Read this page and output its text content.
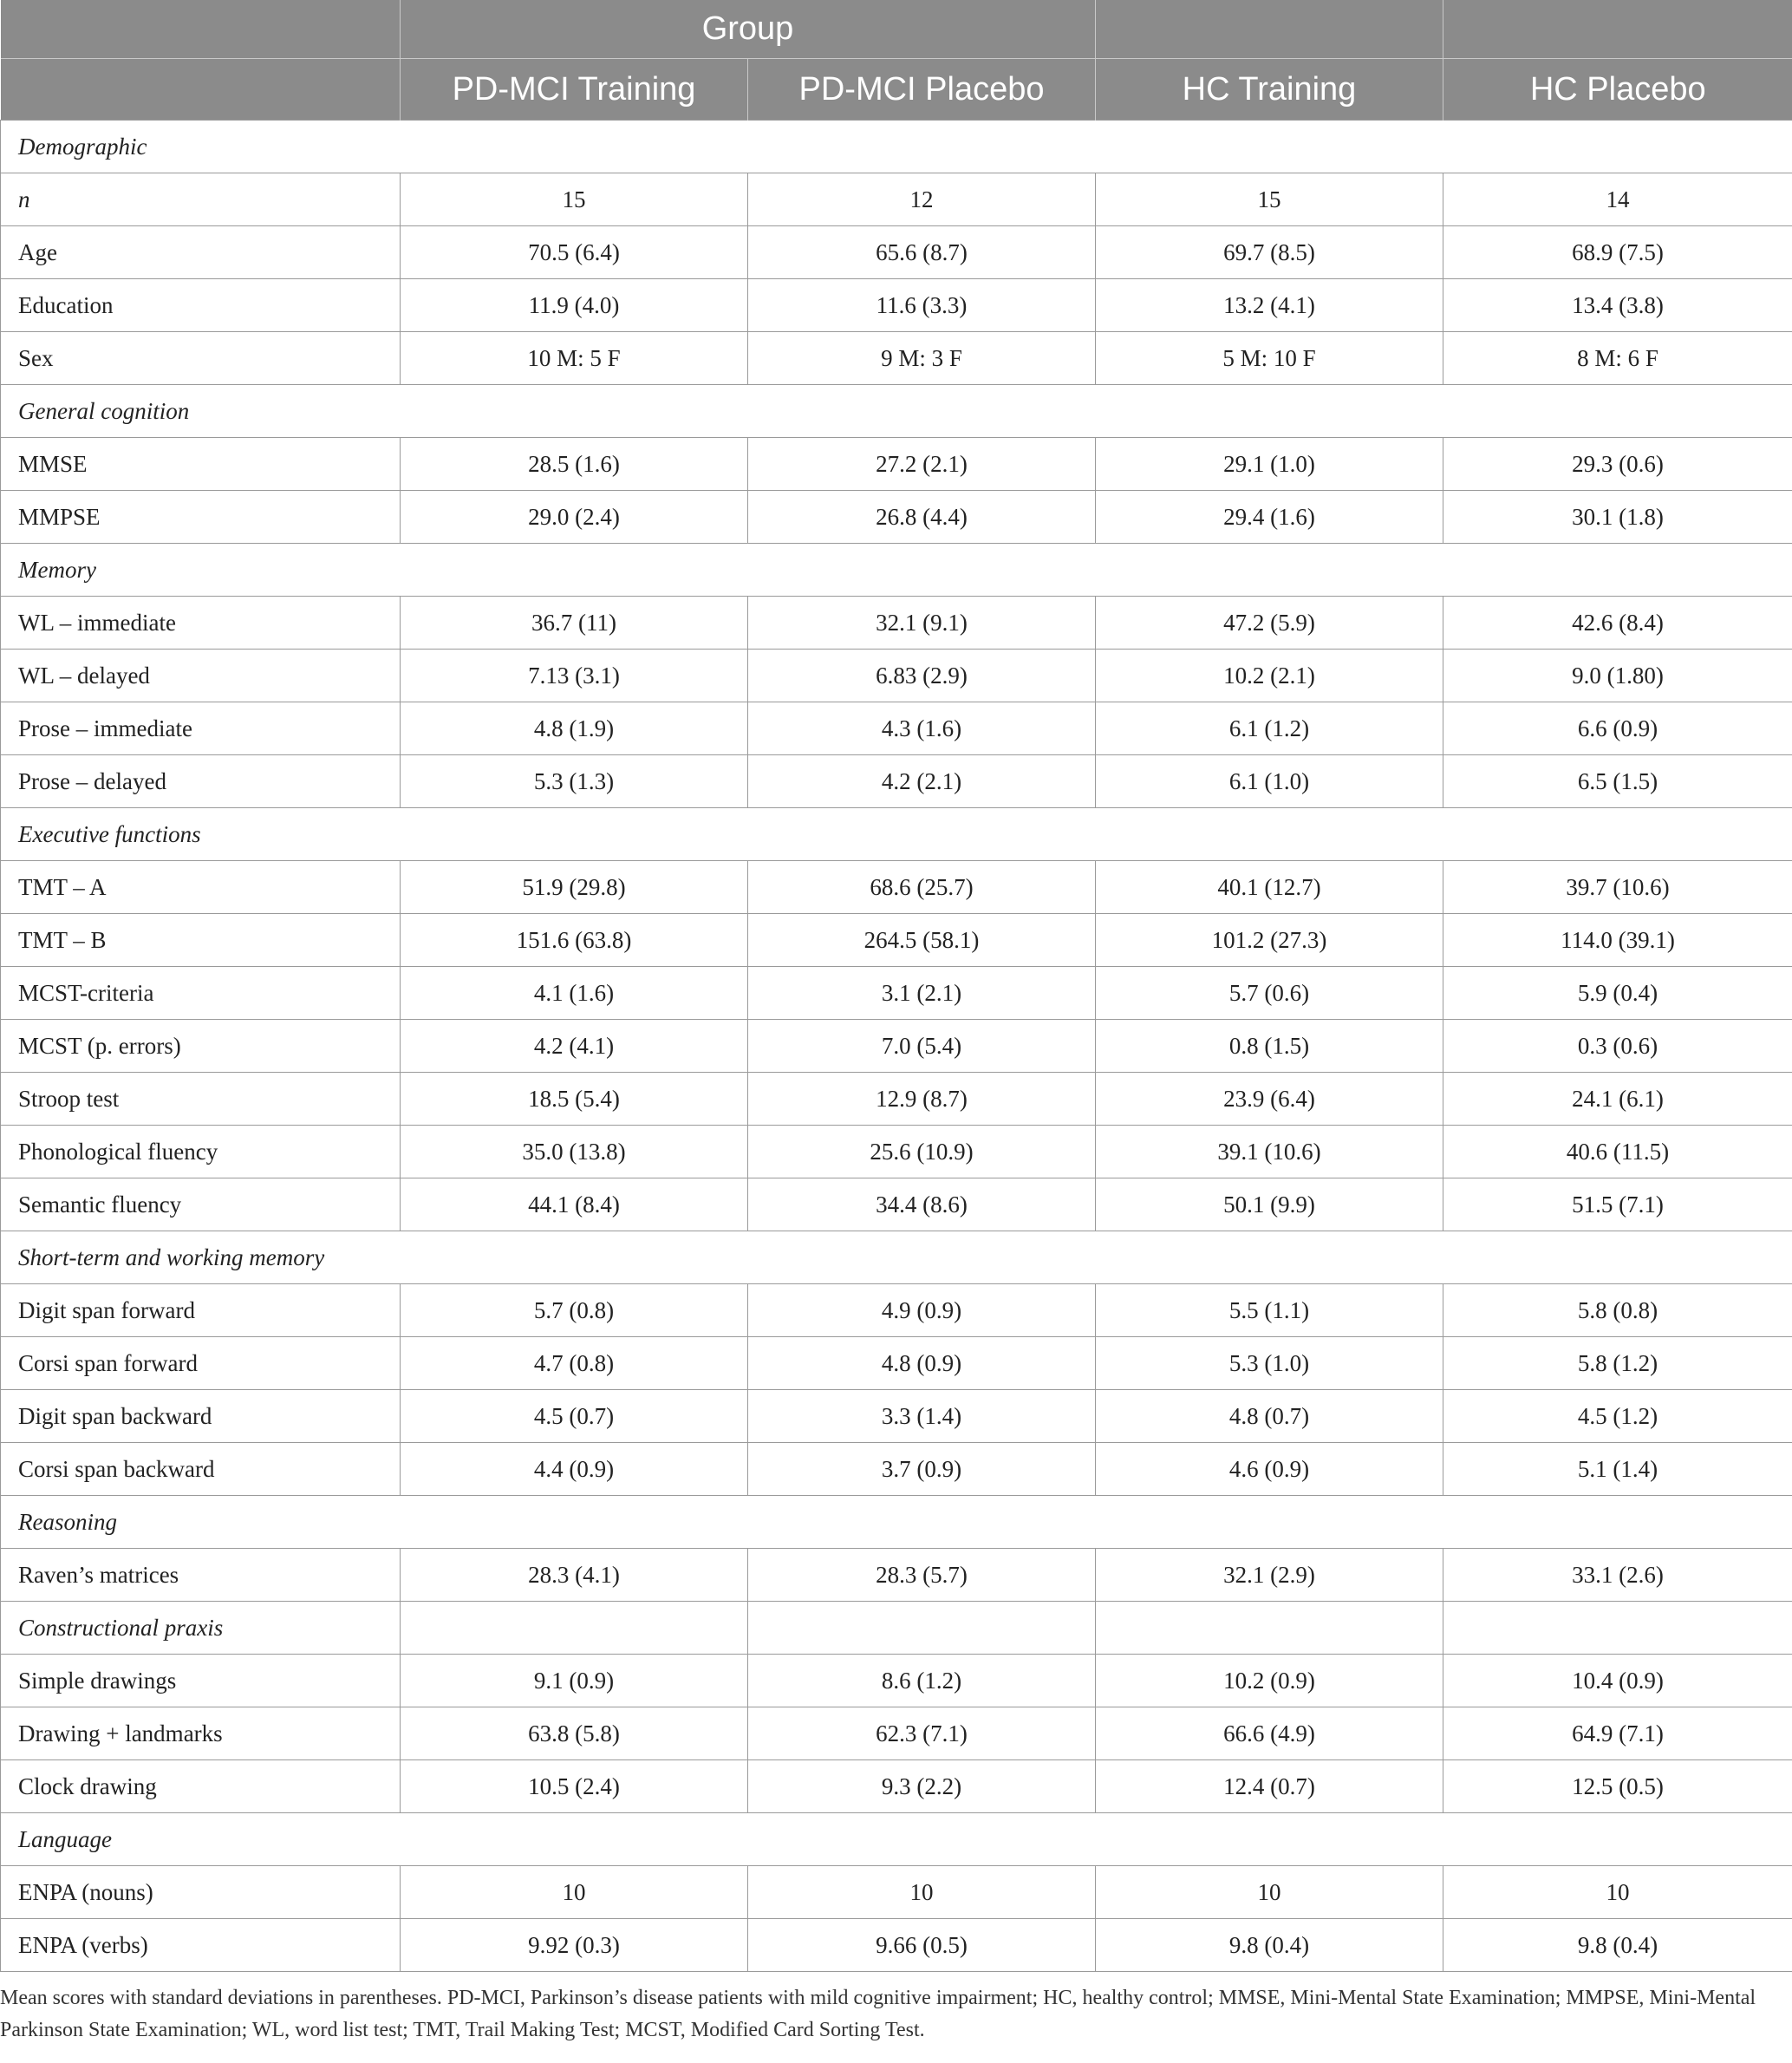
	Group			
	PD-MCI Training	PD-MCI Placebo	HC Training	HC Placebo
Demographic				
n	15	12	15	14
Age	70.5 (6.4)	65.6 (8.7)	69.7 (8.5)	68.9 (7.5)
Education	11.9 (4.0)	11.6 (3.3)	13.2 (4.1)	13.4 (3.8)
Sex	10 M: 5 F	9 M: 3 F	5 M: 10 F	8 M: 6 F
General cognition				
MMSE	28.5 (1.6)	27.2 (2.1)	29.1 (1.0)	29.3 (0.6)
MMPSE	29.0 (2.4)	26.8 (4.4)	29.4 (1.6)	30.1 (1.8)
Memory				
WL – immediate	36.7 (11)	32.1 (9.1)	47.2 (5.9)	42.6 (8.4)
WL – delayed	7.13 (3.1)	6.83 (2.9)	10.2 (2.1)	9.0 (1.80)
Prose – immediate	4.8 (1.9)	4.3 (1.6)	6.1 (1.2)	6.6 (0.9)
Prose – delayed	5.3 (1.3)	4.2 (2.1)	6.1 (1.0)	6.5 (1.5)
Executive functions				
TMT – A	51.9 (29.8)	68.6 (25.7)	40.1 (12.7)	39.7 (10.6)
TMT – B	151.6 (63.8)	264.5 (58.1)	101.2 (27.3)	114.0 (39.1)
MCST-criteria	4.1 (1.6)	3.1 (2.1)	5.7 (0.6)	5.9 (0.4)
MCST (p. errors)	4.2 (4.1)	7.0 (5.4)	0.8 (1.5)	0.3 (0.6)
Stroop test	18.5 (5.4)	12.9 (8.7)	23.9 (6.4)	24.1 (6.1)
Phonological fluency	35.0 (13.8)	25.6 (10.9)	39.1 (10.6)	40.6 (11.5)
Semantic fluency	44.1 (8.4)	34.4 (8.6)	50.1 (9.9)	51.5 (7.1)
Short-term and working memory				
Digit span forward	5.7 (0.8)	4.9 (0.9)	5.5 (1.1)	5.8 (0.8)
Corsi span forward	4.7 (0.8)	4.8 (0.9)	5.3 (1.0)	5.8 (1.2)
Digit span backward	4.5 (0.7)	3.3 (1.4)	4.8 (0.7)	4.5 (1.2)
Corsi span backward	4.4 (0.9)	3.7 (0.9)	4.6 (0.9)	5.1 (1.4)
Reasoning				
Raven’s matrices	28.3 (4.1)	28.3 (5.7)	32.1 (2.9)	33.1 (2.6)
Constructional praxis				
Simple drawings	9.1 (0.9)	8.6 (1.2)	10.2 (0.9)	10.4 (0.9)
Drawing + landmarks	63.8 (5.8)	62.3 (7.1)	66.6 (4.9)	64.9 (7.1)
Clock drawing	10.5 (2.4)	9.3 (2.2)	12.4 (0.7)	12.5 (0.5)
Language				
ENPA (nouns)	10	10	10	10
ENPA (verbs)	9.92 (0.3)	9.66 (0.5)	9.8 (0.4)	9.8 (0.4)

Mean scores with standard deviations in parentheses. PD-MCI, Parkinson’s disease patients with mild cognitive impairment; HC, healthy control; MMSE, Mini-Mental State Examination; MMPSE, Mini-Mental Parkinson State Examination; WL, word list test; TMT, Trail Making Test; MCST, Modified Card Sorting Test.
